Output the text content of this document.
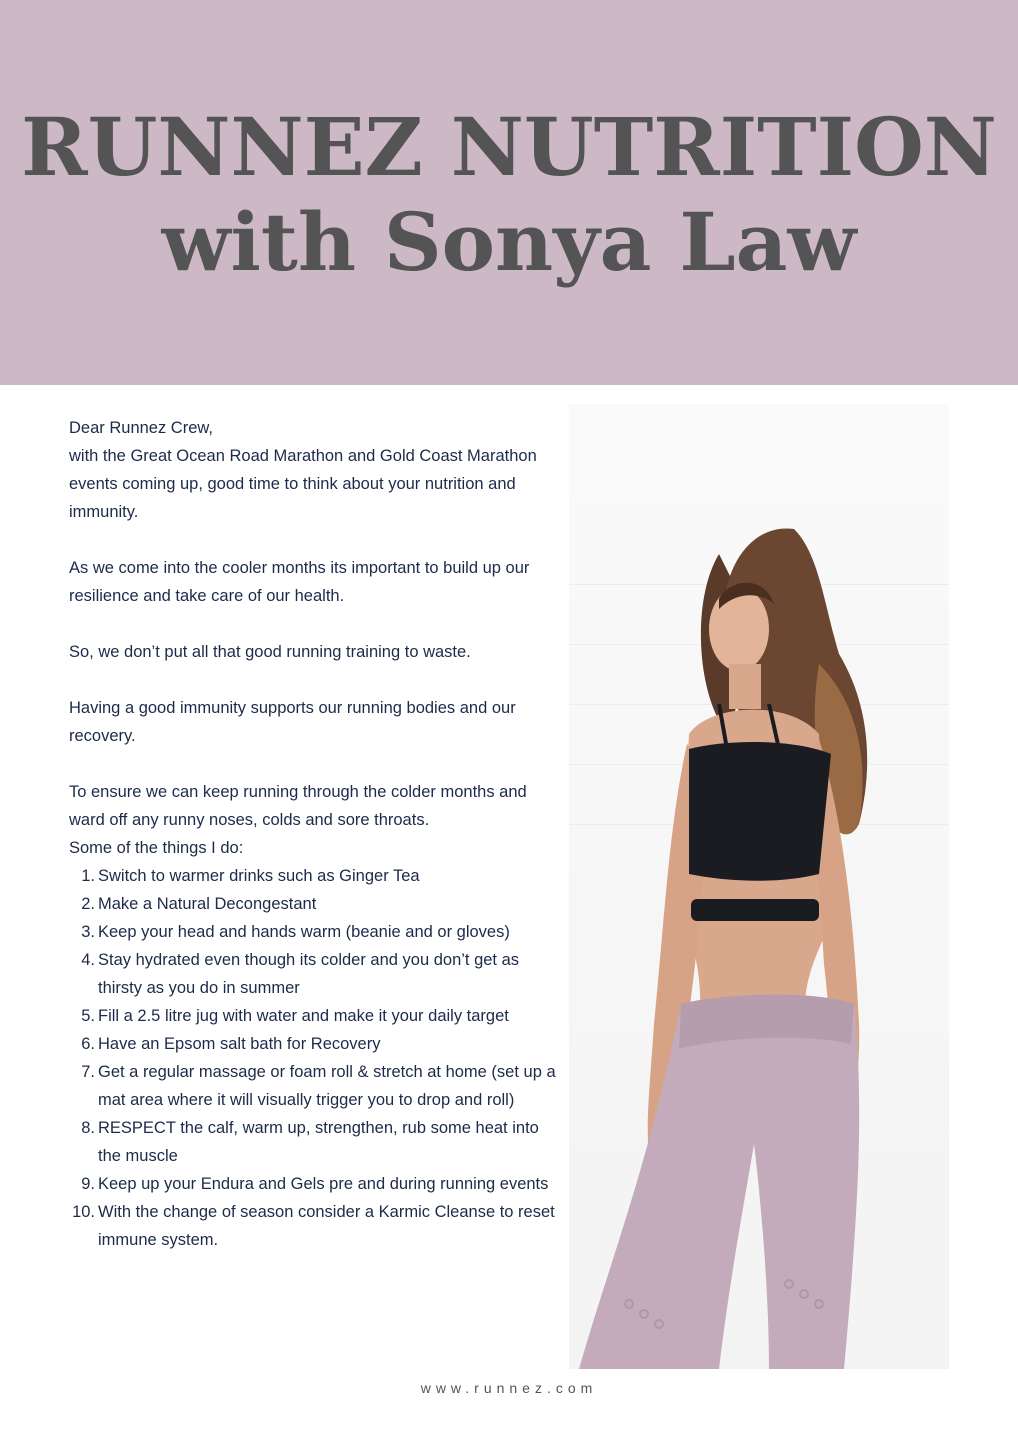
RUNNEZ NUTRITION
with Sonya Law

Dear Runnez Crew,

with the Great Ocean Road Marathon and Gold Coast Marathon events coming up, good time to think about your nutrition and immunity.

As we come into the cooler months its important to build up our resilience and take care of our health.

So, we don’t put all that good running training to waste.

Having a good immunity supports our running bodies and our recovery.

To ensure we can keep running through the colder months and ward off any runny noses, colds and sore throats.

Some of the things I do:

1. Switch to warmer drinks such as Ginger Tea
2. Make a Natural Decongestant
3. Keep your head and hands warm (beanie and or gloves)
4. Stay hydrated even though its colder and you don’t get as thirsty as you do in summer
5. Fill a 2.5 litre jug with water and make it your daily target
6. Have an Epsom salt bath for Recovery
7. Get a regular massage or foam roll & stretch at home (set up a mat area where it will visually trigger you to drop and roll)
8. RESPECT the calf, warm up, strengthen, rub some heat into the muscle
9. Keep up your Endura and Gels pre and during running events
10. With the change of season consider a Karmic Cleanse to reset immune system.
www.runnez.com
